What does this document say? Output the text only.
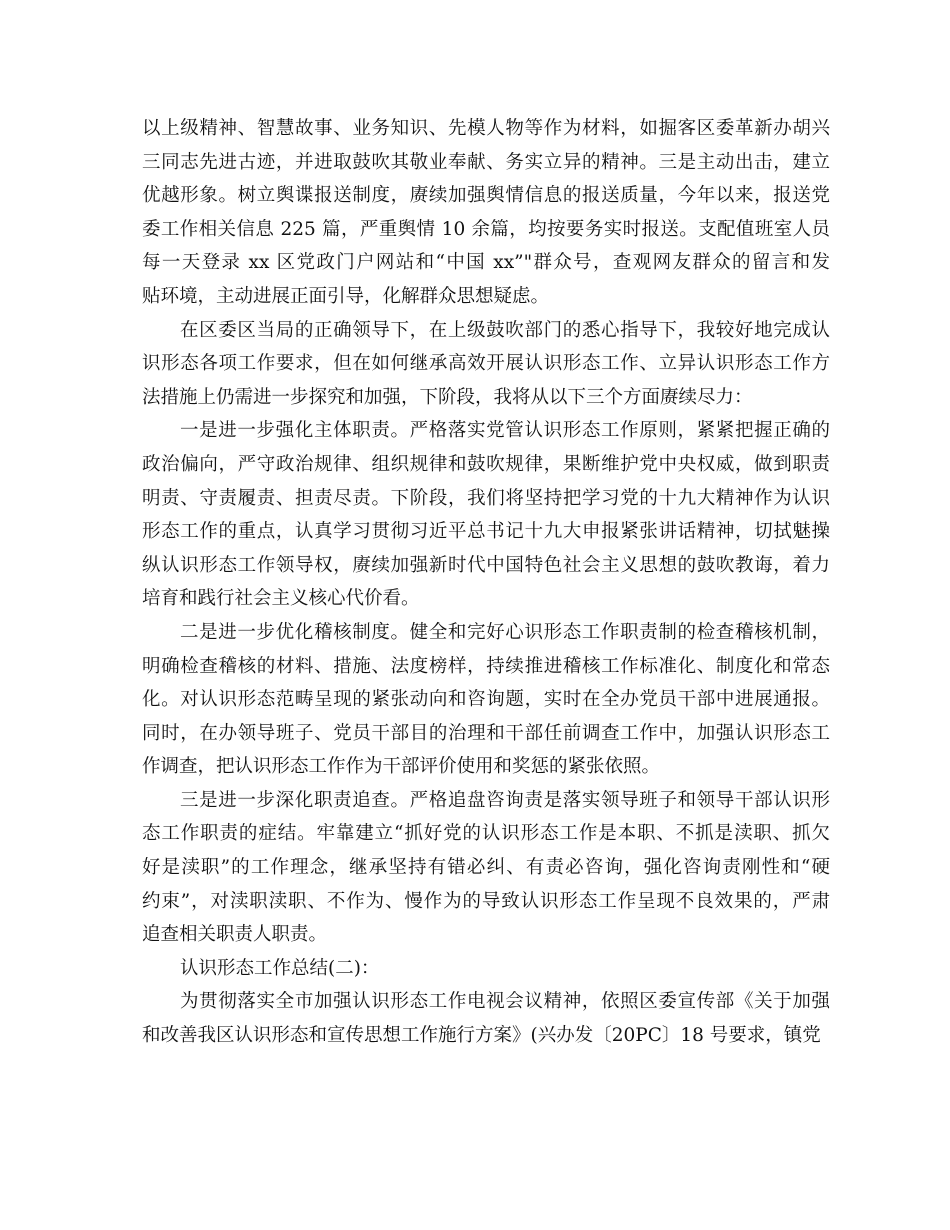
以上级精神、智慧故事、业务知识、先模人物等作为材料，如掘客区委革新办胡兴
三同志先进古迹，并进取鼓吹其敬业奉献、务实立异的精神。三是主动出击，建立
优越形象。树立舆谍报送制度，赓续加强舆情信息的报送质量，今年以来，报送党
委工作相关信息 225 篇，严重舆情 10 余篇，均按要务实时报送。支配值班室人员
每一天登录 xx 区党政门户网站和“中国 xx”"群众号，查观网友群众的留言和发
贴环境，主动进展正面引导，化解群众思想疑虑。
在区委区当局的正确领导下，在上级鼓吹部门的悉心指导下，我较好地完成认
识形态各项工作要求，但在如何继承高效开展认识形态工作、立异认识形态工作方
法措施上仍需进一步探究和加强，下阶段，我将从以下三个方面赓续尽力：
一是进一步强化主体职责。严格落实党管认识形态工作原则，紧紧把握正确的
政治偏向，严守政治规律、组织规律和鼓吹规律，果断维护党中央权威，做到职责
明责、守责履责、担责尽责。下阶段，我们将坚持把学习党的十九大精神作为认识
形态工作的重点，认真学习贯彻习近平总书记十九大申报紧张讲话精神，切拭魅操
纵认识形态工作领导权，赓续加强新时代中国特色社会主义思想的鼓吹教诲，着力
培育和践行社会主义核心代价看。
二是进一步优化稽核制度。健全和完好心识形态工作职责制的检查稽核机制，
明确检查稽核的材料、措施、法度榜样，持续推进稽核工作标准化、制度化和常态
化。对认识形态范畴呈现的紧张动向和咨询题，实时在全办党员干部中进展通报。
同时，在办领导班子、党员干部目的治理和干部任前调查工作中，加强认识形态工
作调查，把认识形态工作作为干部评价使用和奖惩的紧张依照。
三是进一步深化职责追查。严格追盘咨询责是落实领导班子和领导干部认识形
态工作职责的症结。牢靠建立“抓好党的认识形态工作是本职、不抓是渎职、抓欠
好是渎职”的工作理念，继承坚持有错必纠、有责必咨询，强化咨询责刚性和“硬
约束”，对渎职渎职、不作为、慢作为的导致认识形态工作呈现不良效果的，严肃
追查相关职责人职责。
认识形态工作总结(二)：
为贯彻落实全市加强认识形态工作电视会议精神，依照区委宣传部《关于加强
和改善我区认识形态和宣传思想工作施行方案》(兴办发〔20PC〕18 号要求，镇党
